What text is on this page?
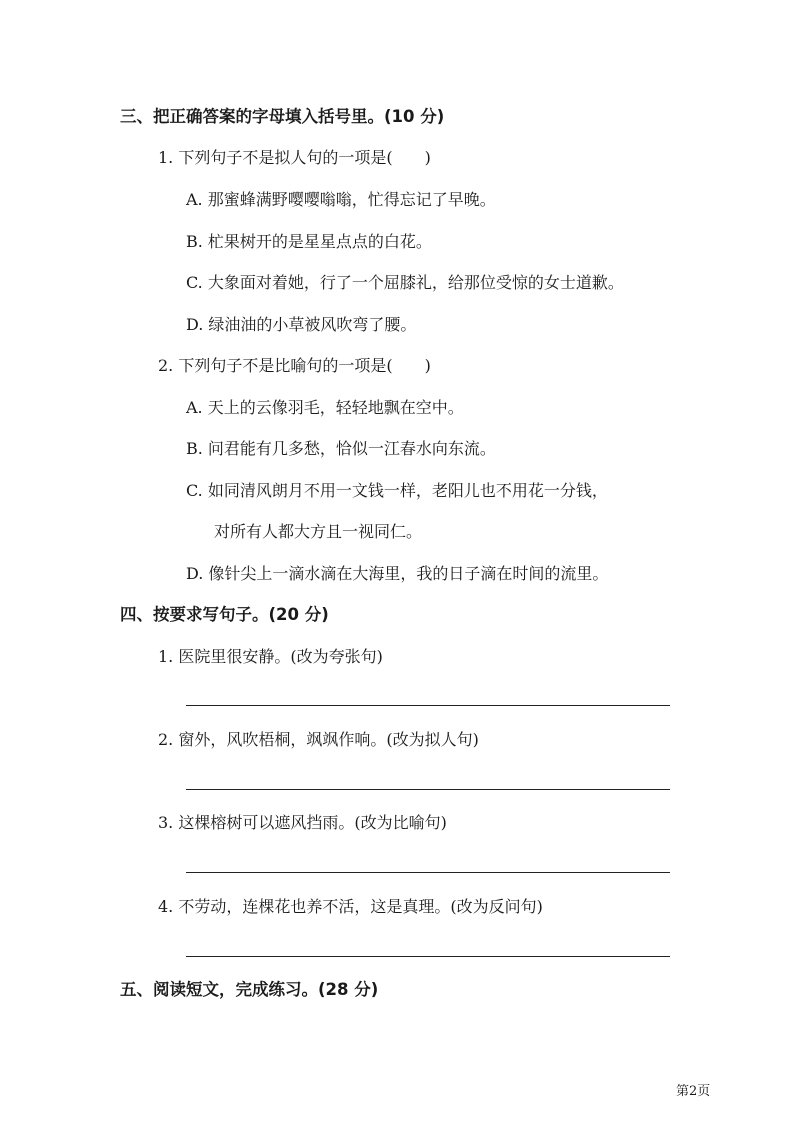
三、把正确答案的字母填入括号里。(10 分)
1. 下列句子不是拟人句的一项是(　　)
A. 那蜜蜂满野嘤嘤嗡嗡，忙得忘记了早晚。
B. 杧果树开的是星星点点的白花。
C. 大象面对着她，行了一个屈膝礼，给那位受惊的女士道歉。
D. 绿油油的小草被风吹弯了腰。
2. 下列句子不是比喻句的一项是(　　)
A. 天上的云像羽毛，轻轻地飘在空中。
B. 问君能有几多愁，恰似一江春水向东流。
C. 如同清风朗月不用一文钱一样，老阳儿也不用花一分钱，
对所有人都大方且一视同仁。
D. 像针尖上一滴水滴在大海里，我的日子滴在时间的流里。
四、按要求写句子。(20 分)
1. 医院里很安静。(改为夸张句)
2. 窗外，风吹梧桐，飒飒作响。(改为拟人句)
3. 这棵榕树可以遮风挡雨。(改为比喻句)
4. 不劳动，连棵花也养不活，这是真理。(改为反问句)
五、阅读短文，完成练习。(28 分)
第2页
